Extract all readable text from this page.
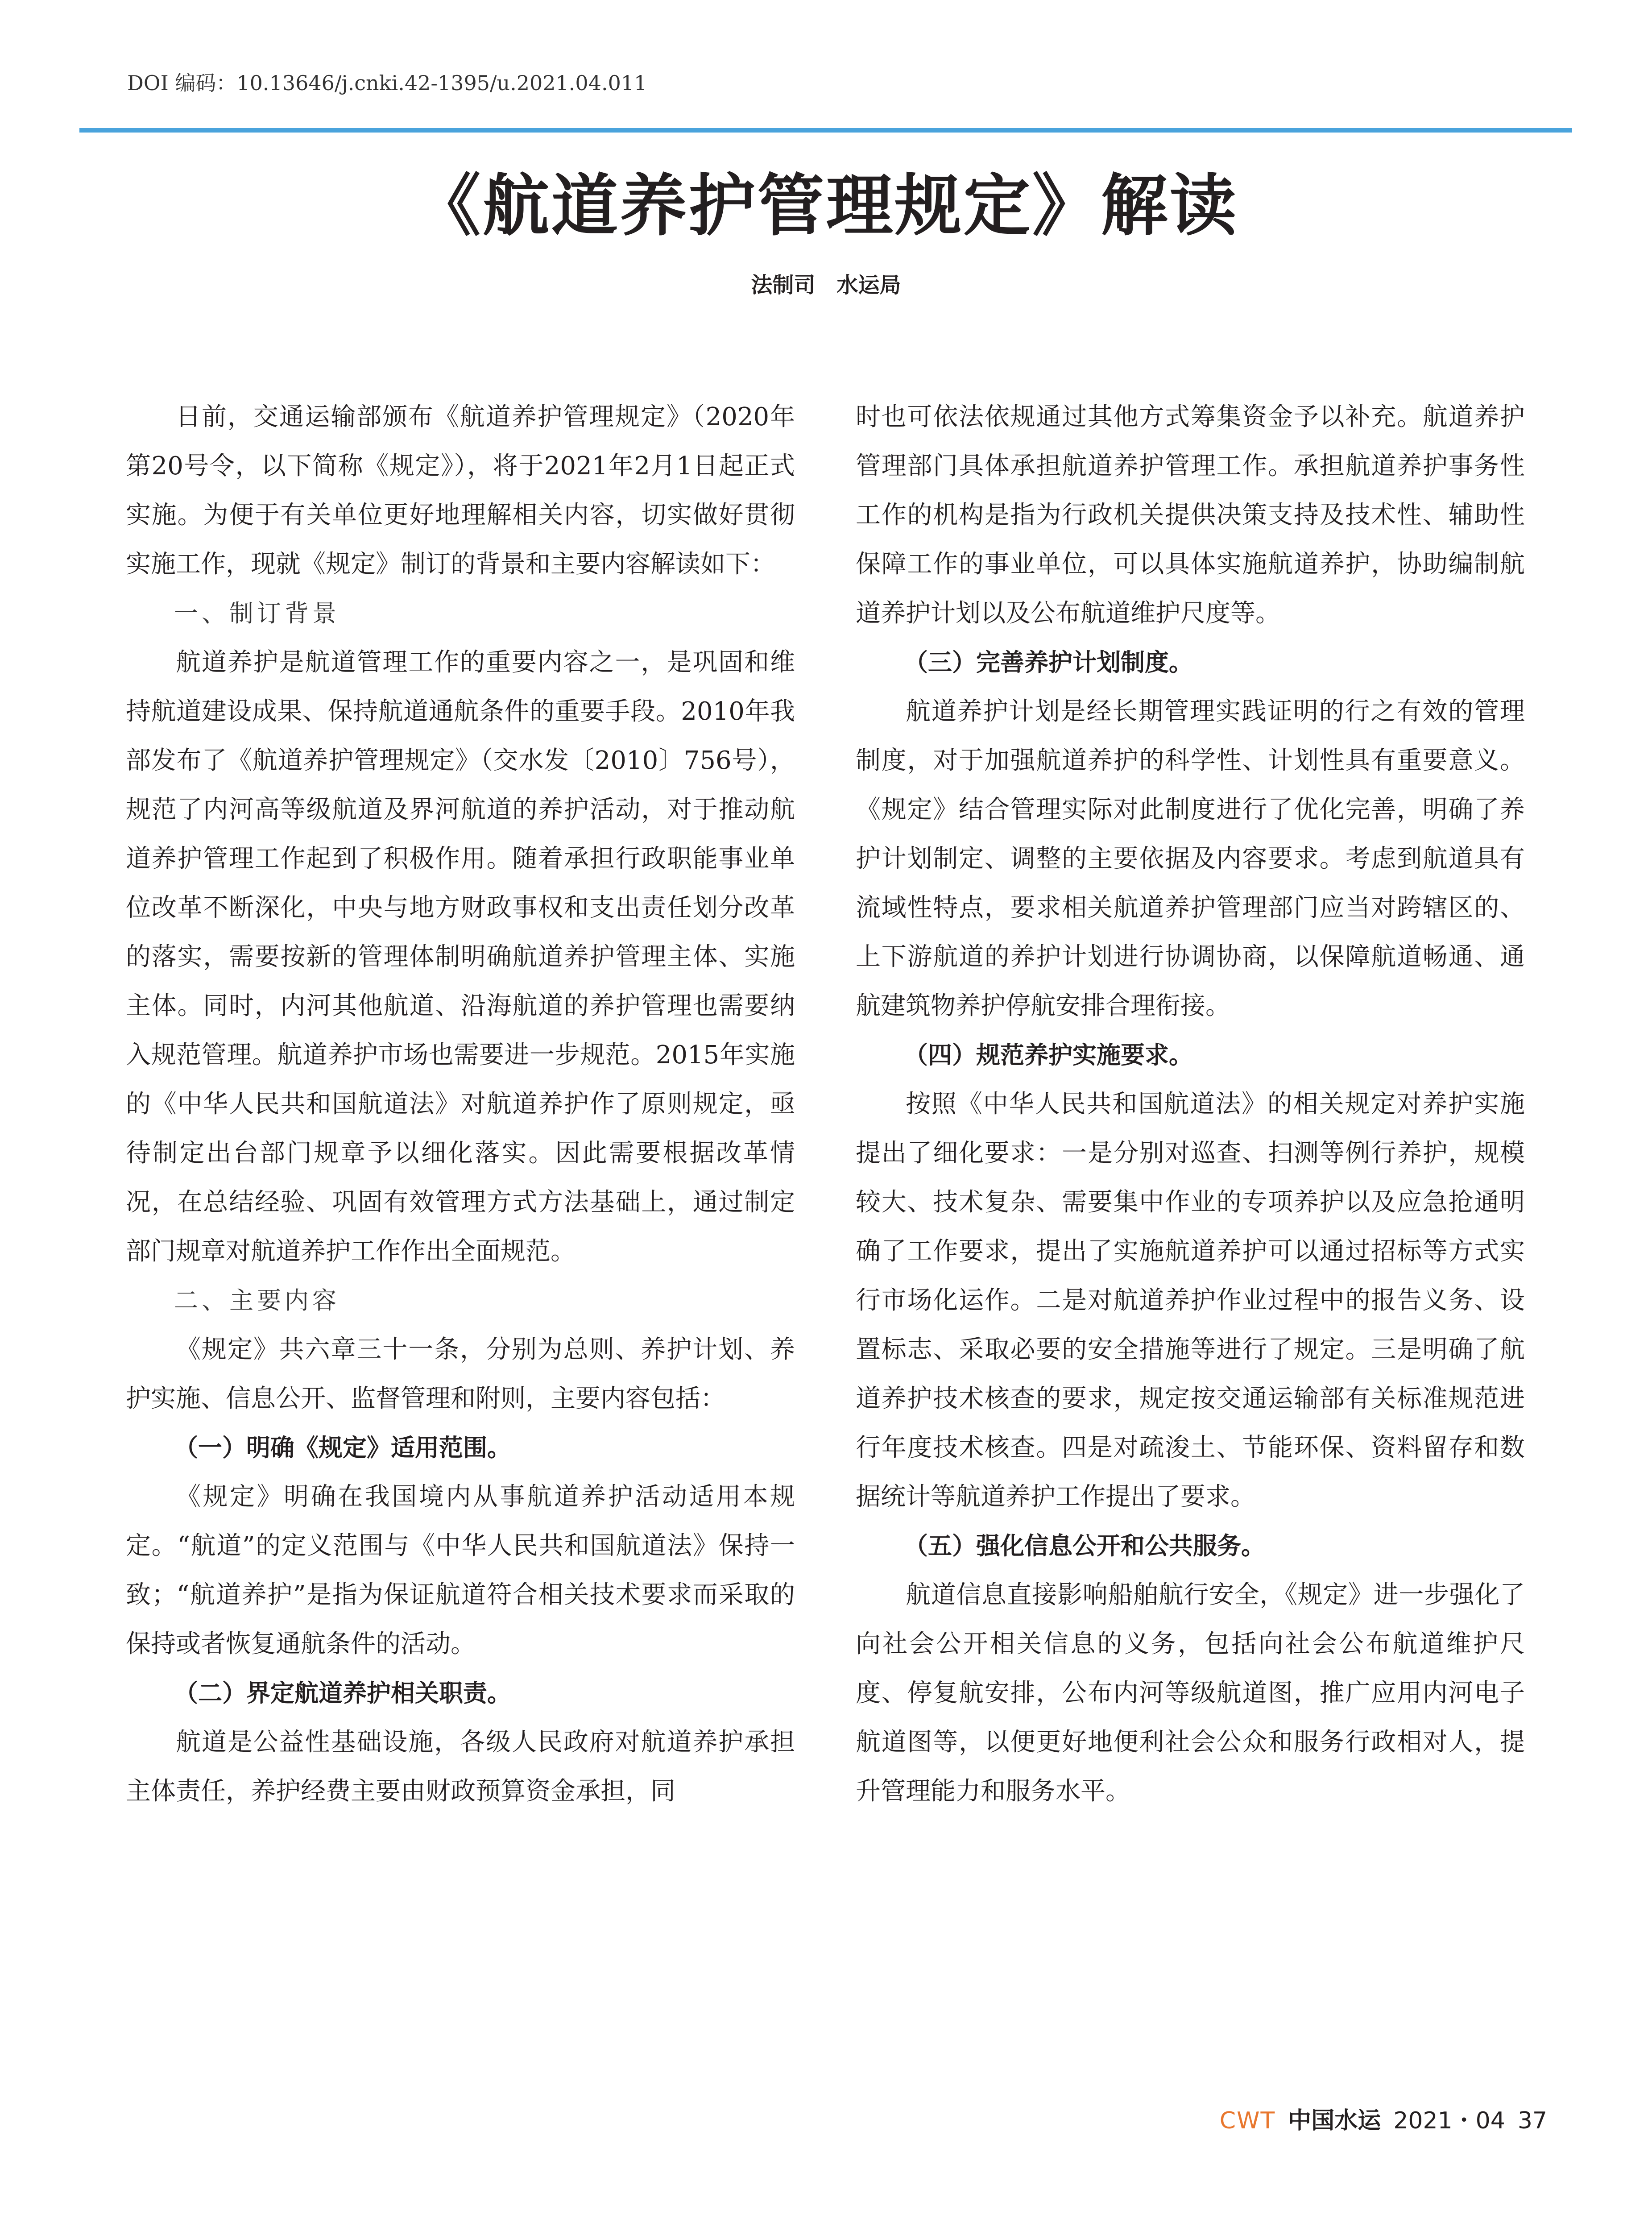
DOI 编码：10.13646/j.cnki.42-1395/u.2021.04.011
《航道养护管理规定》解读
法制司　水运局

日前，交通运输部颁布《航道养护管理规定》（2020年第20号令，以下简称《规定》），将于2021年2月1日起正式实施。为便于有关单位更好地理解相关内容，切实做好贯彻实施工作，现就《规定》制订的背景和主要内容解读如下：

一、制订背景

航道养护是航道管理工作的重要内容之一，是巩固和维持航道建设成果、保持航道通航条件的重要手段。2010年我部发布了《航道养护管理规定》（交水发〔2010〕756号），规范了内河高等级航道及界河航道的养护活动，对于推动航道养护管理工作起到了积极作用。随着承担行政职能事业单位改革不断深化，中央与地方财政事权和支出责任划分改革的落实，需要按新的管理体制明确航道养护管理主体、实施主体。同时，内河其他航道、沿海航道的养护管理也需要纳入规范管理。航道养护市场也需要进一步规范。2015年实施的《中华人民共和国航道法》对航道养护作了原则规定，亟待制定出台部门规章予以细化落实。因此需要根据改革情况，在总结经验、巩固有效管理方式方法基础上，通过制定部门规章对航道养护工作作出全面规范。

二、主要内容

《规定》共六章三十一条，分别为总则、养护计划、养护实施、信息公开、监督管理和附则，主要内容包括：

（一）明确《规定》适用范围。

《规定》明确在我国境内从事航道养护活动适用本规定。“航道”的定义范围与《中华人民共和国航道法》保持一致；“航道养护”是指为保证航道符合相关技术要求而采取的保持或者恢复通航条件的活动。

（二）界定航道养护相关职责。

航道是公益性基础设施，各级人民政府对航道养护承担主体责任，养护经费主要由财政预算资金承担，同

时也可依法依规通过其他方式筹集资金予以补充。航道养护管理部门具体承担航道养护管理工作。承担航道养护事务性工作的机构是指为行政机关提供决策支持及技术性、辅助性保障工作的事业单位，可以具体实施航道养护，协助编制航道养护计划以及公布航道维护尺度等。

（三）完善养护计划制度。

航道养护计划是经长期管理实践证明的行之有效的管理制度，对于加强航道养护的科学性、计划性具有重要意义。《规定》结合管理实际对此制度进行了优化完善，明确了养护计划制定、调整的主要依据及内容要求。考虑到航道具有流域性特点，要求相关航道养护管理部门应当对跨辖区的、上下游航道的养护计划进行协调协商，以保障航道畅通、通航建筑物养护停航安排合理衔接。

（四）规范养护实施要求。

按照《中华人民共和国航道法》的相关规定对养护实施提出了细化要求：一是分别对巡查、扫测等例行养护，规模较大、技术复杂、需要集中作业的专项养护以及应急抢通明确了工作要求，提出了实施航道养护可以通过招标等方式实行市场化运作。二是对航道养护作业过程中的报告义务、设置标志、采取必要的安全措施等进行了规定。三是明确了航道养护技术核查的要求，规定按交通运输部有关标准规范进行年度技术核查。四是对疏浚土、节能环保、资料留存和数据统计等航道养护工作提出了要求。

（五）强化信息公开和公共服务。

航道信息直接影响船舶航行安全，《规定》进一步强化了向社会公开相关信息的义务，包括向社会公布航道维护尺度、停复航安排，公布内河等级航道图，推广应用内河电子航道图等，以便更好地便利社会公众和服务行政相对人，提升管理能力和服务水平。

CWT 中国水运 2021・04 37
